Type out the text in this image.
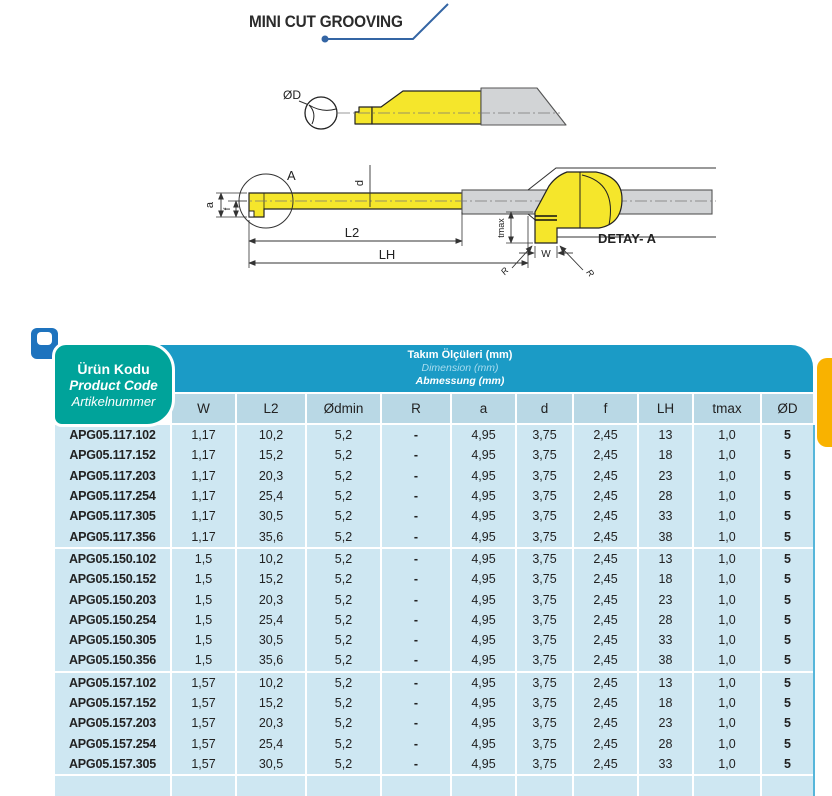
MINI CUT GROOVING
ØD
A	d
a
f
L2
LH
tmax
W
R	R
DETAY- A
Takım Ölçüleri (mm)
Dimension (mm)
Abmessung (mm)
Ürün Kodu
Product Code
Artikelnummer	W	L2	Ødmin	R	a	d	f	LH	tmax	ØD
APG05.117.102	1,17	10,2	5,2	-	4,95	3,75	2,45	13	1,0	5
APG05.117.152	1,17	15,2	5,2	-	4,95	3,75	2,45	18	1,0	5
APG05.117.203	1,17	20,3	5,2	-	4,95	3,75	2,45	23	1,0	5
APG05.117.254	1,17	25,4	5,2	-	4,95	3,75	2,45	28	1,0	5
APG05.117.305	1,17	30,5	5,2	-	4,95	3,75	2,45	33	1,0	5
APG05.117.356	1,17	35,6	5,2	-	4,95	3,75	2,45	38	1,0	5
APG05.150.102	1,5	10,2	5,2	-	4,95	3,75	2,45	13	1,0	5
APG05.150.152	1,5	15,2	5,2	-	4,95	3,75	2,45	18	1,0	5
APG05.150.203	1,5	20,3	5,2	-	4,95	3,75	2,45	23	1,0	5
APG05.150.254	1,5	25,4	5,2	-	4,95	3,75	2,45	28	1,0	5
APG05.150.305	1,5	30,5	5,2	-	4,95	3,75	2,45	33	1,0	5
APG05.150.356	1,5	35,6	5,2	-	4,95	3,75	2,45	38	1,0	5
APG05.157.102	1,57	10,2	5,2	-	4,95	3,75	2,45	13	1,0	5
APG05.157.152	1,57	15,2	5,2	-	4,95	3,75	2,45	18	1,0	5
APG05.157.203	1,57	20,3	5,2	-	4,95	3,75	2,45	23	1,0	5
APG05.157.254	1,57	25,4	5,2	-	4,95	3,75	2,45	28	1,0	5
APG05.157.305	1,57	30,5	5,2	-	4,95	3,75	2,45	33	1,0	5
